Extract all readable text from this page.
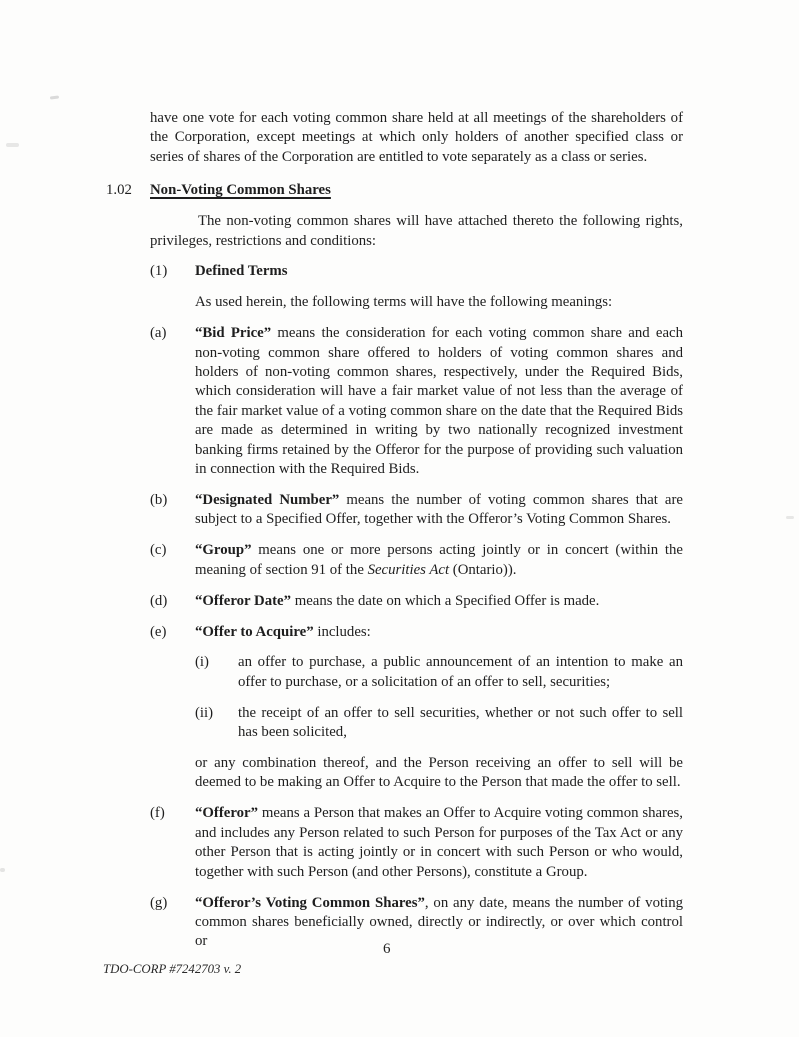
have one vote for each voting common share held at all meetings of the shareholders of the Corporation, except meetings at which only holders of another specified class or series of shares of the Corporation are entitled to vote separately as a class or series.

1.02 Non-Voting Common Shares

The non-voting common shares will have attached thereto the following rights, privileges, restrictions and conditions:

(1) Defined Terms

As used herein, the following terms will have the following meanings:

(a) “Bid Price” means the consideration for each voting common share and each non-voting common share offered to holders of voting common shares and holders of non-voting common shares, respectively, under the Required Bids, which consideration will have a fair market value of not less than the average of the fair market value of a voting common share on the date that the Required Bids are made as determined in writing by two nationally recognized investment banking firms retained by the Offeror for the purpose of providing such valuation in connection with the Required Bids.
(b) “Designated Number” means the number of voting common shares that are subject to a Specified Offer, together with the Offeror’s Voting Common Shares.
(c) “Group” means one or more persons acting jointly or in concert (within the meaning of section 91 of the Securities Act (Ontario)).
(d) “Offeror Date” means the date on which a Specified Offer is made.
(e) “Offer to Acquire” includes:
(i) an offer to purchase, a public announcement of an intention to make an offer to purchase, or a solicitation of an offer to sell, securities;
(ii) the receipt of an offer to sell securities, whether or not such offer to sell has been solicited,

or any combination thereof, and the Person receiving an offer to sell will be deemed to be making an Offer to Acquire to the Person that made the offer to sell.

(f) “Offeror” means a Person that makes an Offer to Acquire voting common shares, and includes any Person related to such Person for purposes of the Tax Act or any other Person that is acting jointly or in concert with such Person or who would, together with such Person (and other Persons), constitute a Group.
(g) “Offeror’s Voting Common Shares”, on any date, means the number of voting common shares beneficially owned, directly or indirectly, or over which control or	6
TDO-CORP #7242703 v. 2
